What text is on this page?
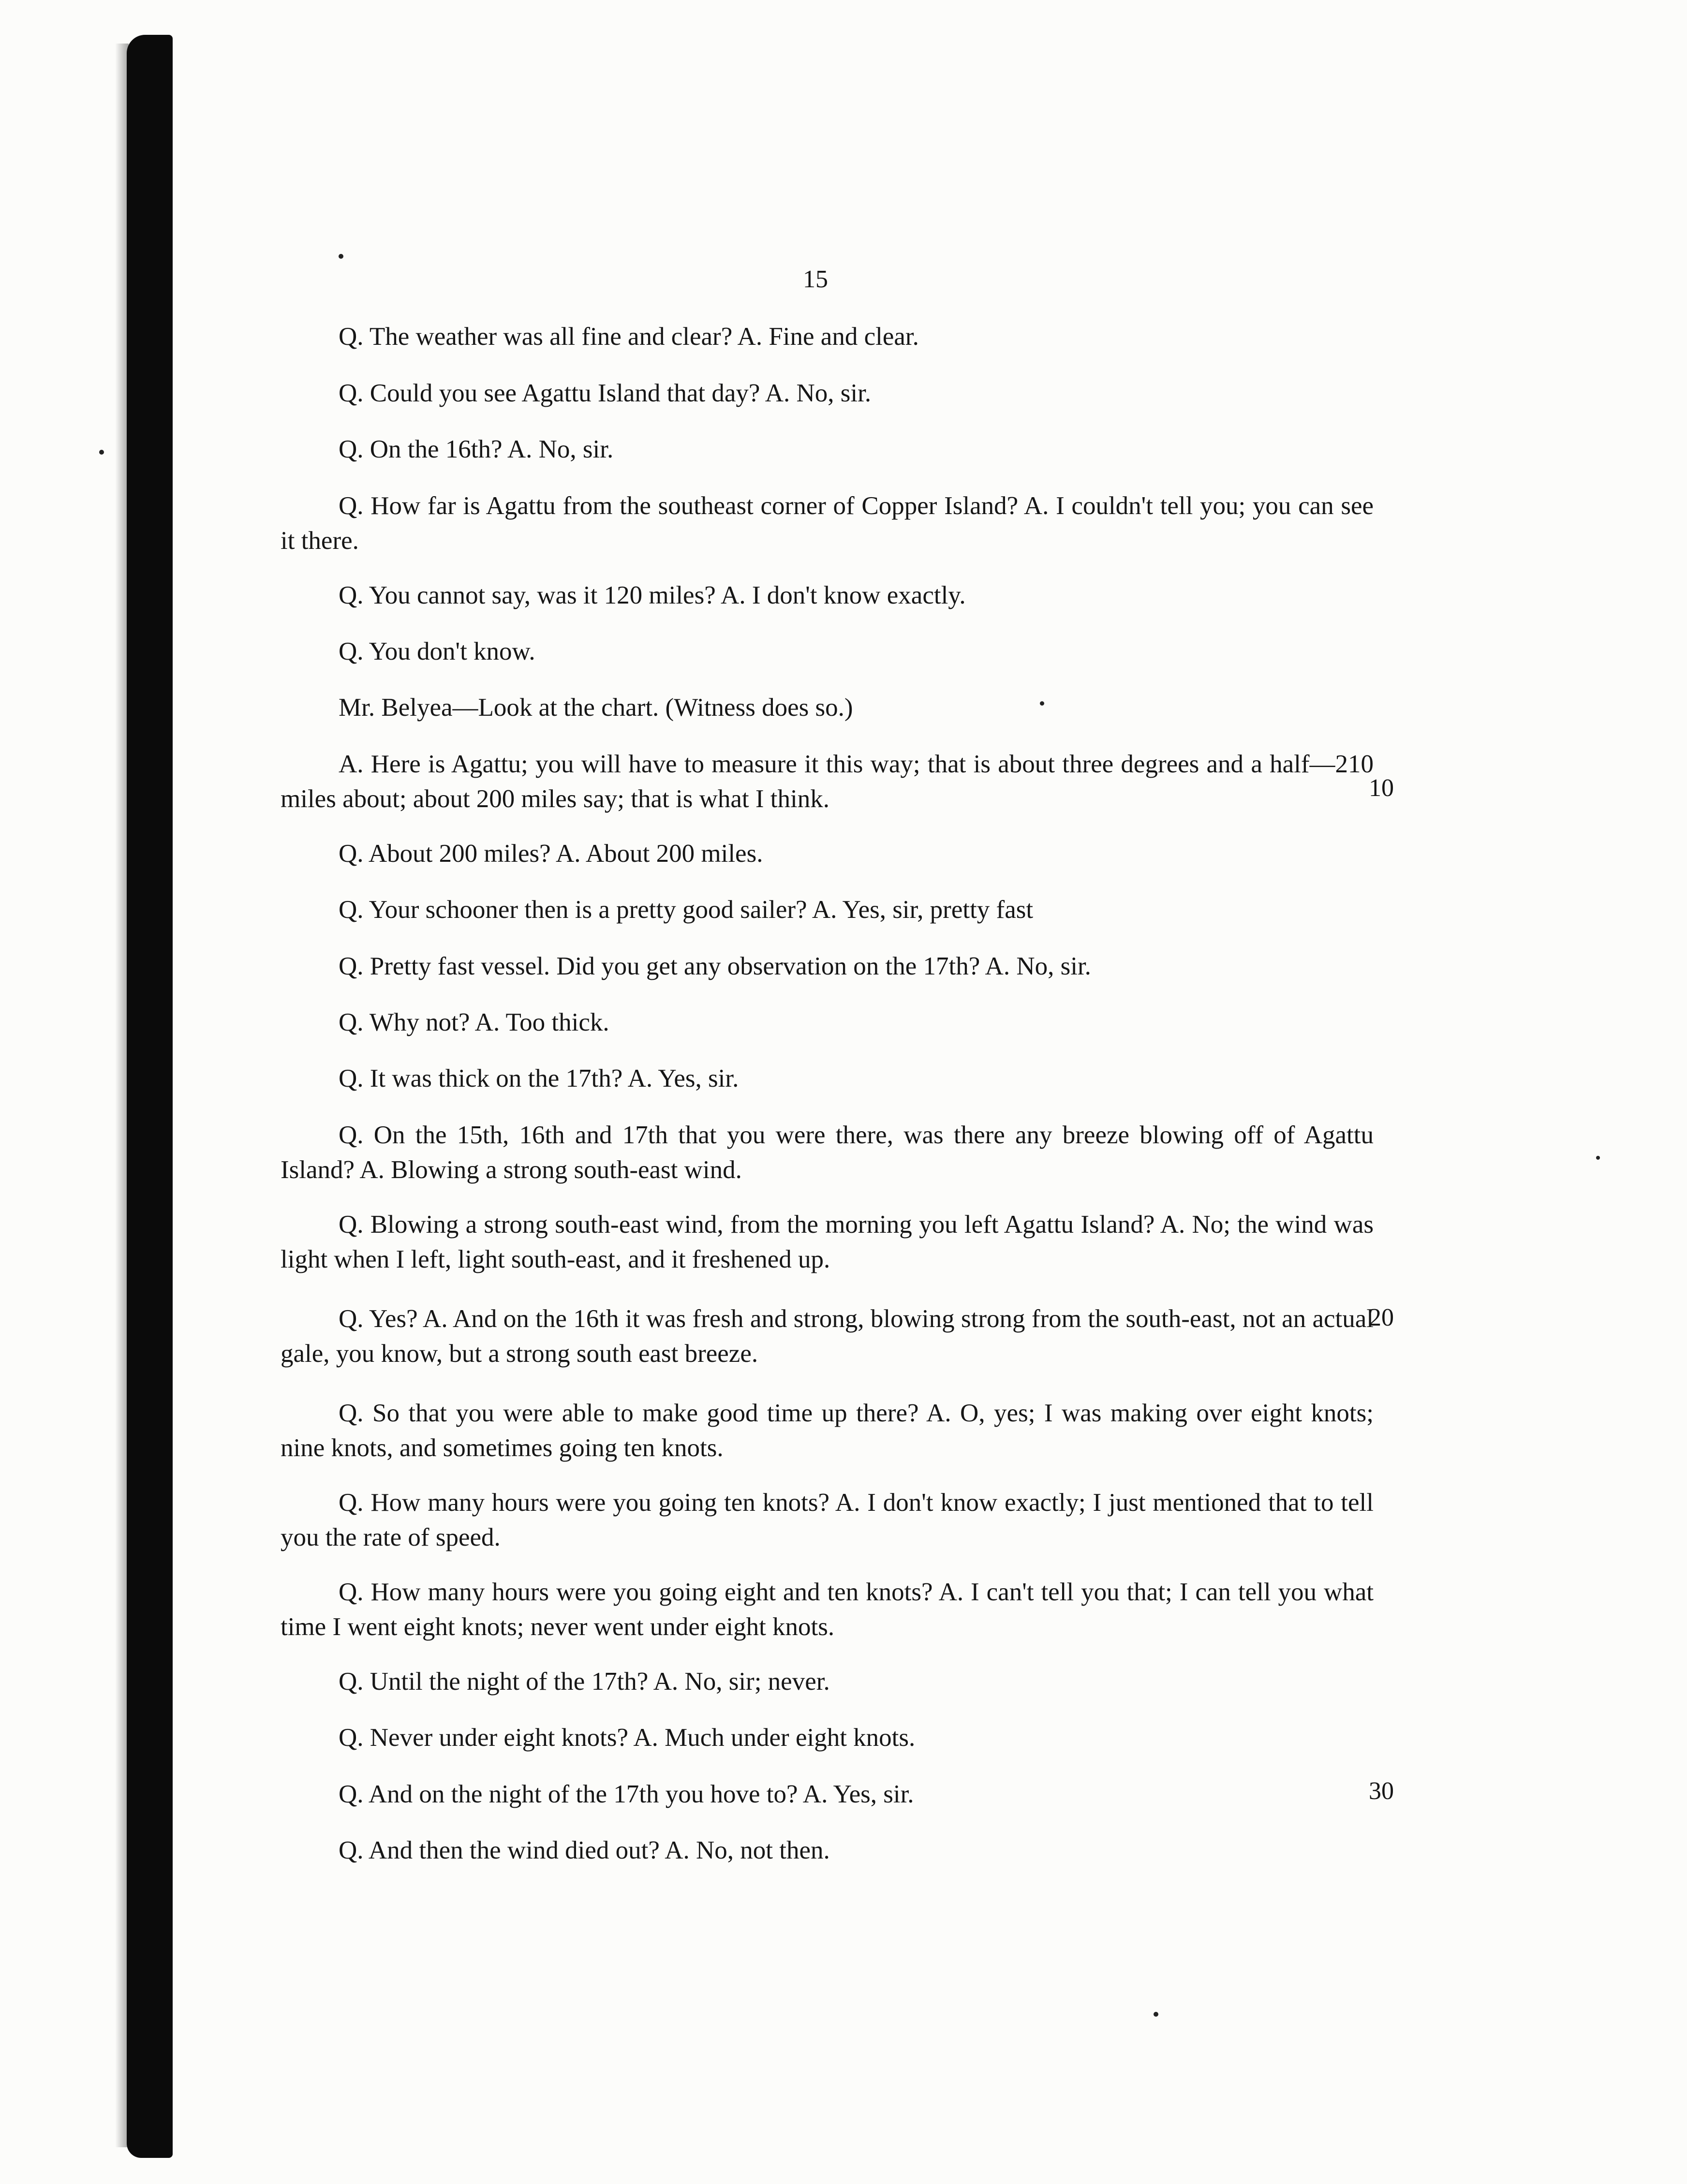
15

Q. The weather was all fine and clear? A. Fine and clear.

Q. Could you see Agattu Island that day? A. No, sir.

Q. On the 16th? A. No, sir.

Q. How far is Agattu from the southeast corner of Copper Island? A. I couldn't tell you; you can see it there.

Q. You cannot say, was it 120 miles? A. I don't know exactly.

Q. You don't know.

Mr. Belyea—Look at the chart. (Witness does so.)

A. Here is Agattu; you will have to measure it this way; that is about three degrees and a half—210 miles about; about 200 miles say; that is what I think.

Q. About 200 miles? A. About 200 miles.

Q. Your schooner then is a pretty good sailer? A. Yes, sir, pretty fast

Q. Pretty fast vessel. Did you get any observation on the 17th? A. No, sir.

Q. Why not? A. Too thick.

Q. It was thick on the 17th? A. Yes, sir.

Q. On the 15th, 16th and 17th that you were there, was there any breeze blowing off of Agattu Island? A. Blowing a strong south-east wind.

Q. Blowing a strong south-east wind, from the morning you left Agattu Island? A. No; the wind was light when I left, light south-east, and it freshened up.

Q. Yes? A. And on the 16th it was fresh and strong, blowing strong from the south-east, not an actual gale, you know, but a strong south east breeze.

Q. So that you were able to make good time up there? A. O, yes; I was making over eight knots; nine knots, and sometimes going ten knots.

Q. How many hours were you going ten knots? A. I don't know exactly; I just mentioned that to tell you the rate of speed.

Q. How many hours were you going eight and ten knots? A. I can't tell you that; I can tell you what time I went eight knots; never went under eight knots.

Q. Until the night of the 17th? A. No, sir; never.

Q. Never under eight knots? A. Much under eight knots.

Q. And on the night of the 17th you hove to? A. Yes, sir.

Q. And then the wind died out? A. No, not then.

10
20
30
